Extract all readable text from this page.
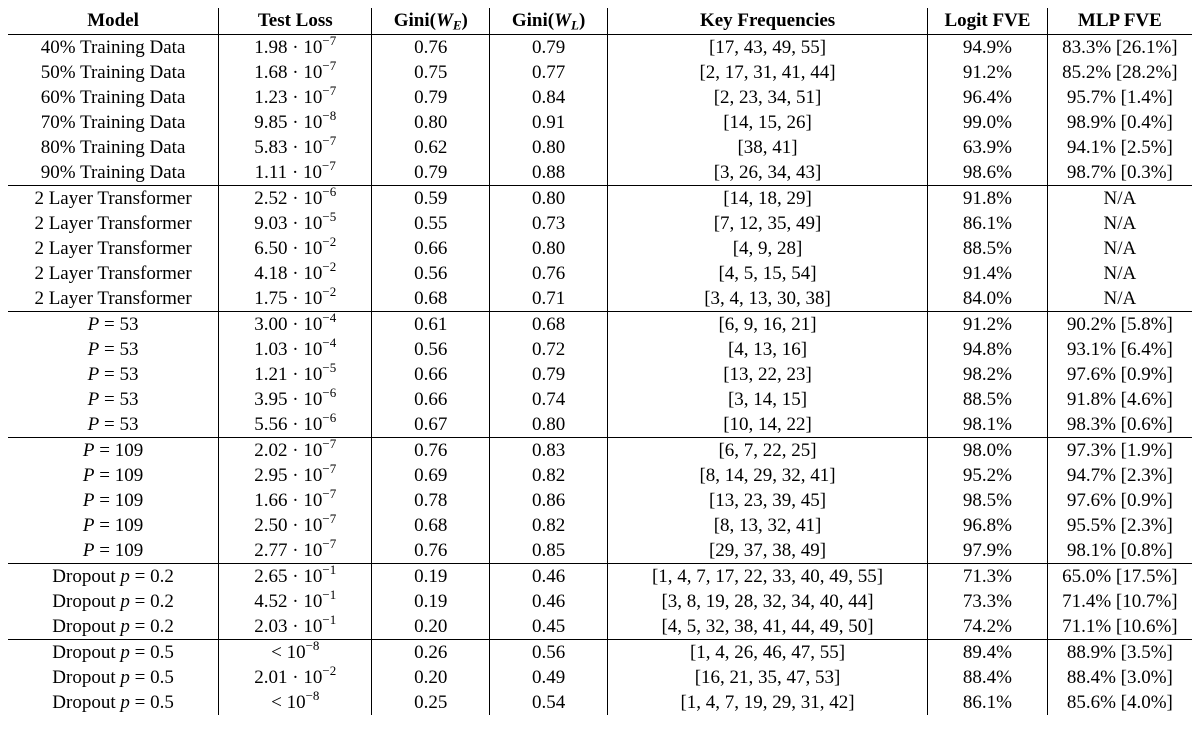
Model	Test Loss	$Gini(W_E)$	$Gini(W_L)$	Key Frequencies	Logit FVE	MLP FVE
40% Training Data	$1.98 \cdot 10^{-7}$	0.76	0.79	[17, 43, 49, 55]	94.9%	83.3% [26.1%]
50% Training Data	$1.68 \cdot 10^{-7}$	0.75	0.77	[2, 17, 31, 41, 44]	91.2%	85.2% [28.2%]
60% Training Data	$1.23 \cdot 10^{-7}$	0.79	0.84	[2, 23, 34, 51]	96.4%	95.7% [1.4%]
70% Training Data	$9.85 \cdot 10^{-8}$	0.80	0.91	[14, 15, 26]	99.0%	98.9% [0.4%]
80% Training Data	$5.83 \cdot 10^{-7}$	0.62	0.80	[38, 41]	63.9%	94.1% [2.5%]
90% Training Data	$1.11 \cdot 10^{-7}$	0.79	0.88	[3, 26, 34, 43]	98.6%	98.7% [0.3%]
2 Layer Transformer	$2.52 \cdot 10^{-6}$	0.59	0.80	[14, 18, 29]	91.8%	N/A
2 Layer Transformer	$9.03 \cdot 10^{-5}$	0.55	0.73	[7, 12, 35, 49]	86.1%	N/A
2 Layer Transformer	$6.50 \cdot 10^{-2}$	0.66	0.80	[4, 9, 28]	88.5%	N/A
2 Layer Transformer	$4.18 \cdot 10^{-2}$	0.56	0.76	[4, 5, 15, 54]	91.4%	N/A
2 Layer Transformer	$1.75 \cdot 10^{-2}$	0.68	0.71	[3, 4, 13, 30, 38]	84.0%	N/A
P = 53	$3.00 \cdot 10^{-4}$	0.61	0.68	[6, 9, 16, 21]	91.2%	90.2% [5.8%]
P = 53	$1.03 \cdot 10^{-4}$	0.56	0.72	[4, 13, 16]	94.8%	93.1% [6.4%]
P = 53	$1.21 \cdot 10^{-5}$	0.66	0.79	[13, 22, 23]	98.2%	97.6% [0.9%]
P = 53	$3.95 \cdot 10^{-6}$	0.66	0.74	[3, 14, 15]	88.5%	91.8% [4.6%]
P = 53	$5.56 \cdot 10^{-6}$	0.67	0.80	[10, 14, 22]	98.1%	98.3% [0.6%]
P = 109	$2.02 \cdot 10^{-7}$	0.76	0.83	[6, 7, 22, 25]	98.0%	97.3% [1.9%]
P = 109	$2.95 \cdot 10^{-7}$	0.69	0.82	[8, 14, 29, 32, 41]	95.2%	94.7% [2.3%]
P = 109	$1.66 \cdot 10^{-7}$	0.78	0.86	[13, 23, 39, 45]	98.5%	97.6% [0.9%]
P = 109	$2.50 \cdot 10^{-7}$	0.68	0.82	[8, 13, 32, 41]	96.8%	95.5% [2.3%]
P = 109	$2.77 \cdot 10^{-7}$	0.76	0.85	[29, 37, 38, 49]	97.9%	98.1% [0.8%]
Dropout p = 0.2	$2.65 \cdot 10^{-1}$	0.19	0.46	[1, 4, 7, 17, 22, 33, 40, 49, 55]	71.3%	65.0% [17.5%]
Dropout p = 0.2	$4.52 \cdot 10^{-1}$	0.19	0.46	[3, 8, 19, 28, 32, 34, 40, 44]	73.3%	71.4% [10.7%]
Dropout p = 0.2	$2.03 \cdot 10^{-1}$	0.20	0.45	[4, 5, 32, 38, 41, 44, 49, 50]	74.2%	71.1% [10.6%]
Dropout p = 0.5	< $10^{-8}$	0.26	0.56	[1, 4, 26, 46, 47, 55]	89.4%	88.9% [3.5%]
Dropout p = 0.5	$2.01 \cdot 10^{-2}$	0.20	0.49	[16, 21, 35, 47, 53]	88.4%	88.4% [3.0%]
Dropout p = 0.5	< $10^{-8}$	0.25	0.54	[1, 4, 7, 19, 29, 31, 42]	86.1%	85.6% [4.0%]
